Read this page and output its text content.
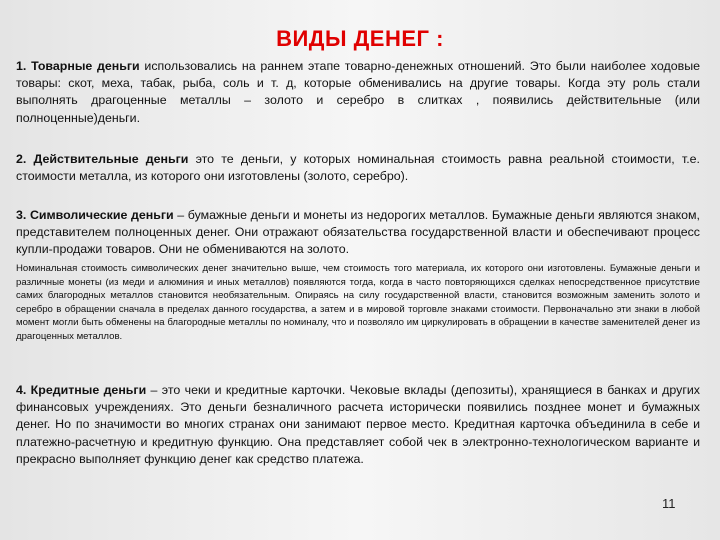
ВИДЫ ДЕНЕГ :
1. Товарные деньги использовались на раннем этапе товарно-денежных отношений. Это были наиболее ходовые товары: скот, меха, табак, рыба, соль и т. д, которые обменивались на другие товары. Когда эту роль стали выполнять драгоценные металлы – золото и серебро в слитках , появились действительные (или полноценные)деньги.
2. Действительные деньги это те деньги, у которых номинальная стоимость равна реальной стоимости, т.е. стоимости металла, из которого они изготовлены (золото, серебро).
3. Символические деньги – бумажные деньги и монеты из недорогих металлов. Бумажные деньги являются знаком, представителем полноценных денег. Они отражают обязательства государственной власти и обеспечивают процесс купли-продажи товаров. Они не обмениваются на золото.
Номинальная стоимость символических денег значительно выше, чем стоимость того материала, их которого они изготовлены. Бумажные деньги и различные монеты (из меди и алюминия и иных металлов) появляются тогда, когда в часто повторяющихся сделках непосредственное присутствие самих благородных металлов становится необязательным. Опираясь на силу государственной власти, становится возможным заменить золото и серебро в обращении сначала в пределах данного государства, а затем и в мировой торговле знаками стоимости. Первоначально эти знаки в любой момент могли быть обменены на благородные металлы по номиналу, что и позволяло им циркулировать в обращении в качестве заменителей денег из драгоценных металлов.
4. Кредитные деньги – это чеки и кредитные карточки. Чековые вклады (депозиты), хранящиеся в банках и других финансовых учреждениях. Это деньги безналичного расчета исторически появились позднее монет и бумажных денег. Но по значимости во многих странах они занимают первое место. Кредитная карточка объединила в себе и платежно-расчетную и кредитную функцию. Она представляет собой чек в электронно-технологическом варианте и прекрасно выполняет функцию денег как средство платежа.
11
